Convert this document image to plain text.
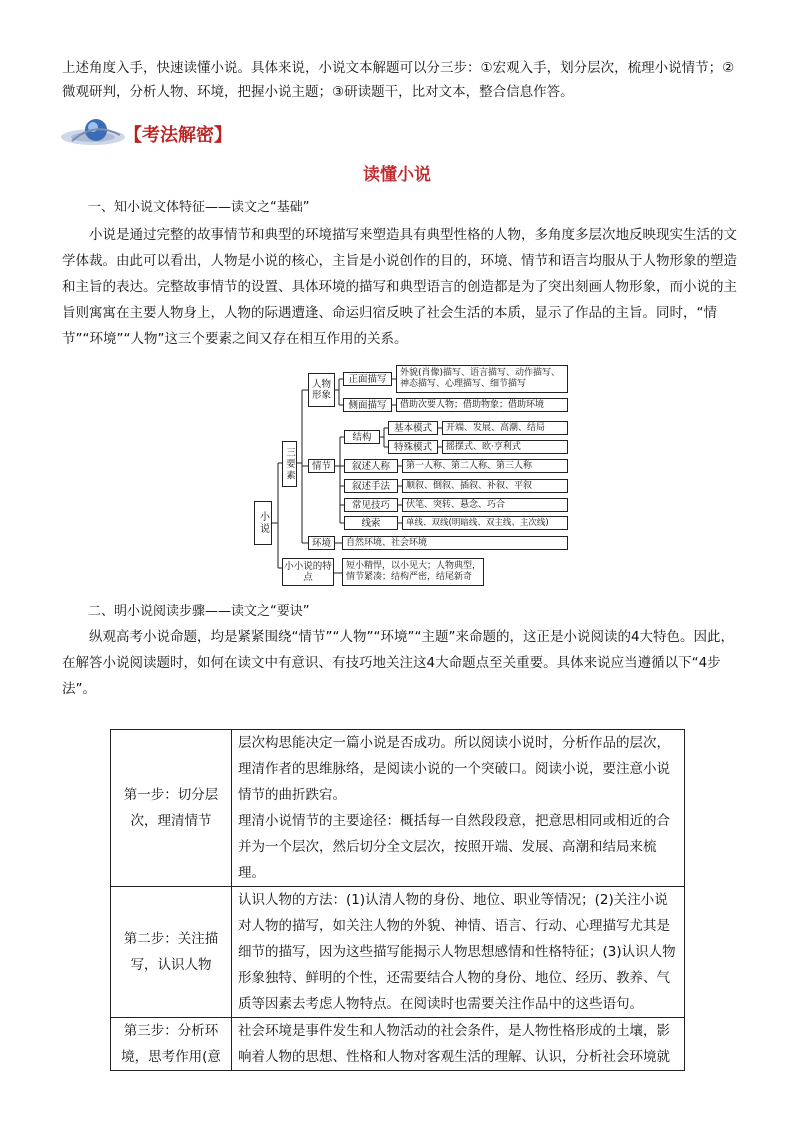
上述角度入手，快速读懂小说。具体来说，小说文本解题可以分三步：①宏观入手，划分层次，梳理小说情节；②微观研判，分析人物、环境，把握小说主题；③研读题干，比对文本，整合信息作答。
【考法解密】
读懂小说
一、知小说文体特征——读文之“基础”
小说是通过完整的故事情节和典型的环境描写来塑造具有典型性格的人物，多角度多层次地反映现实生活的文学体裁。由此可以看出，人物是小说的核心，主旨是小说创作的目的，环境、情节和语言均服从于人物形象的塑造和主旨的表达。完整故事情节的设置、具体环境的描写和典型语言的创造都是为了突出刻画人物形象，而小说的主旨则寓寓在主要人物身上，人物的际遇遭逢、命运归宿反映了社会生活的本质，显示了作品的主旨。同时，“情节”“环境”“人物”这三个要素之间又存在相互作用的关系。
小说
三要素
人物形象
正面描写
外貌(肖像)描写、语言描写、动作描写、神态描写、心理描写、细节描写
侧面描写	借助次要人物；借助物象；借助环境
情节
结构
基本模式	开端、发展、高潮、结局
特殊模式	摇摆式、欧·亨利式
叙述人称	第一人称、第二人称、第三人称
叙述手法	顺叙、倒叙、插叙、补叙、平叙
常见技巧	伏笔、突转、悬念、巧合
线索	单线、双线(明暗线、双主线、主次线)
环境	自然环境、社会环境
小小说的特点
短小精悍，以小见大；人物典型，情节紧凑；结构严密，结尾新奇
二、明小说阅读步骤——读文之“要诀”
纵观高考小说命题，均是紧紧围绕“情节”“人物”“环境”“主题”来命题的，这正是小说阅读的4大特色。因此，在解答小说阅读题时，如何在读文中有意识、有技巧地关注这4大命题点至关重要。具体来说应当遵循以下“4步法”。
第一步：切分层次，理清情节	层次构思能决定一篇小说是否成功。所以阅读小说时，分析作品的层次，理清作者的思维脉络，是阅读小说的一个突破口。阅读小说，要注意小说情节的曲折跌宕。
理清小说情节的主要途径：概括每一自然段段意，把意思相同或相近的合并为一个层次，然后切分全文层次，按照开端、发展、高潮和结局来梳理。

第二步：关注描写，认识人物	认识人物的方法：(1)认清人物的身份、地位、职业等情况；(2)关注小说对人物的描写，如关注人物的外貌、神情、语言、行动、心理描写尤其是细节的描写，因为这些描写能揭示人物思想感情和性格特征；(3)认识人物形象独特、鲜明的个性，还需要结合人物的身份、地位、经历、教养、气质等因素去考虑人物特点。在阅读时也需要关注作品中的这些语句。
第三步：分析环境，思考作用(意	社会环境是事件发生和人物活动的社会条件，是人物性格形成的土壤，影响着人物的思想、性格和人物对客观生活的理解、认识，分析社会环境就
